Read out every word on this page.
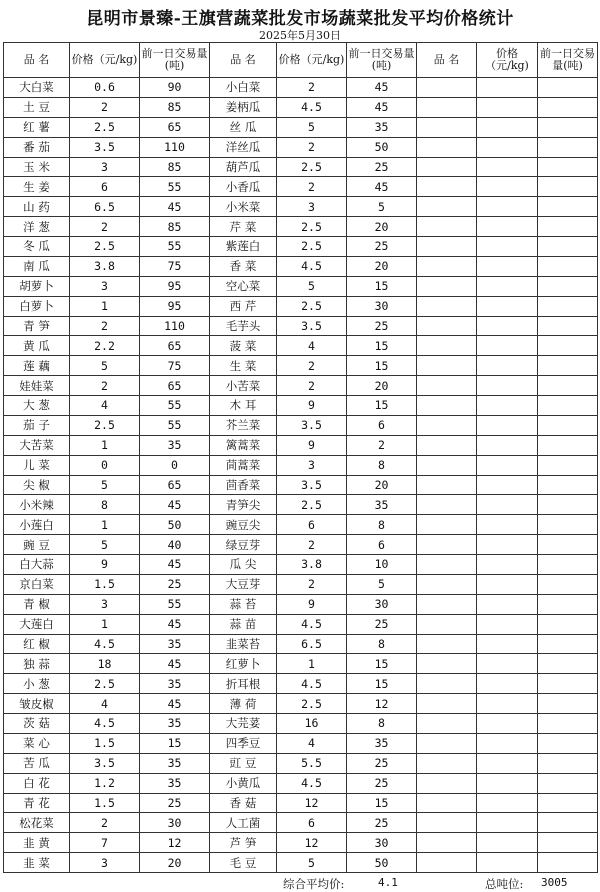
昆明市景臻-王旗营蔬菜批发市场蔬菜批发平均价格统计
2025年5月30日
品 名	价格（元/kg)	前一日交易量(吨)	品 名	价格（元/kg)	前一日交易量(吨)	品 名	价格（元/kg)	前一日交易量(吨)
大白菜	0.6	90	小白菜	2	45			
土 豆	2	85	姜柄瓜	4.5	45			
红 薯	2.5	65	丝 瓜	5	35			
番 茄	3.5	110	洋丝瓜	2	50			
玉 米	3	85	葫芦瓜	2.5	25			
生 姜	6	55	小香瓜	2	45			
山 药	6.5	45	小米菜	3	5			
洋 葱	2	85	芹 菜	2.5	20			
冬 瓜	2.5	55	紫莲白	2.5	25			
南 瓜	3.8	75	香 菜	4.5	20			
胡萝卜	3	95	空心菜	5	15			
白萝卜	1	95	西 芹	2.5	30			
青 笋	2	110	毛芋头	3.5	25			
黄 瓜	2.2	65	菠 菜	4	15			
莲 藕	5	75	生 菜	2	15			
娃娃菜	2	65	小苦菜	2	20			
大 葱	4	55	木 耳	9	15			
茄 子	2.5	55	芥兰菜	3.5	6			
大苦菜	1	35	篱蒿菜	9	2			
儿 菜	0	0	茼蒿菜	3	8			
尖 椒	5	65	茴香菜	3.5	20			
小米辣	8	45	青笋尖	2.5	35			
小莲白	1	50	豌豆尖	6	8			
豌 豆	5	40	绿豆芽	2	6			
白大蒜	9	45	瓜 尖	3.8	10			
京白菜	1.5	25	大豆芽	2	5			
青 椒	3	55	蒜 苔	9	30			
大莲白	1	45	蒜 苗	4.5	25			
红 椒	4.5	35	韭菜苔	6.5	8			
独 蒜	18	45	红萝卜	1	15			
小 葱	2.5	35	折耳根	4.5	15			
皱皮椒	4	45	薄 荷	2.5	12			
茨 菇	4.5	35	大芫荽	16	8			
菜 心	1.5	15	四季豆	4	35			
苦 瓜	3.5	35	豇 豆	5.5	25			
白 花	1.2	35	小黄瓜	4.5	25			
青 花	1.5	25	香 菇	12	15			
松花菜	2	30	人工菌	6	25			
韭 黄	7	12	芦 笋	12	30			
韭 菜	3	20	毛 豆	5	50			
综合平均价:	4.1	总吨位: 3005
